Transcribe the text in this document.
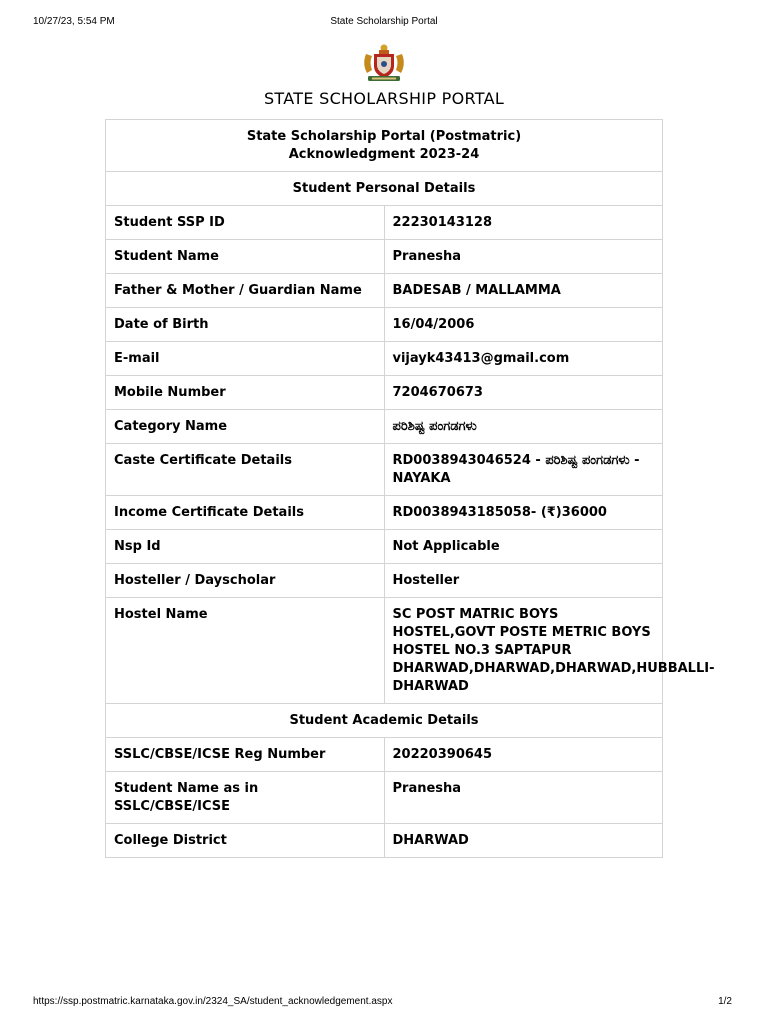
10/27/23, 5:54 PM	State Scholarship Portal
STATE SCHOLARSHIP PORTAL
State Scholarship Portal (Postmatric)
Acknowledgment 2023-24	
Student Personal Details	
Student SSP ID	22230143128
Student Name	Pranesha
Father & Mother / Guardian Name	BADESAB / MALLAMMA
Date of Birth	16/04/2006
E-mail	vijayk43413@gmail.com
Mobile Number	7204670673
Category Name	ಪರಿಶಿಷ್ಟ ಪಂಗಡಗಳು
Caste Certificate Details	RD0038943046524 - ಪರಿಶಿಷ್ಟ ಪಂಗಡಗಳು - NAYAKA
Income Certificate Details	RD0038943185058- (₹)36000
Nsp Id	Not Applicable
Hosteller / Dayscholar	Hosteller
Hostel Name	SC POST MATRIC BOYS HOSTEL,GOVT POSTE METRIC BOYS HOSTEL NO.3 SAPTAPUR DHARWAD,DHARWAD,DHARWAD,HUBBALLI-DHARWAD
Student Academic Details	
SSLC/CBSE/ICSE Reg Number	20220390645
Student Name as in SSLC/CBSE/ICSE	Pranesha
College District	DHARWAD
https://ssp.postmatric.karnataka.gov.in/2324_SA/student_acknowledgement.aspx	1/2
